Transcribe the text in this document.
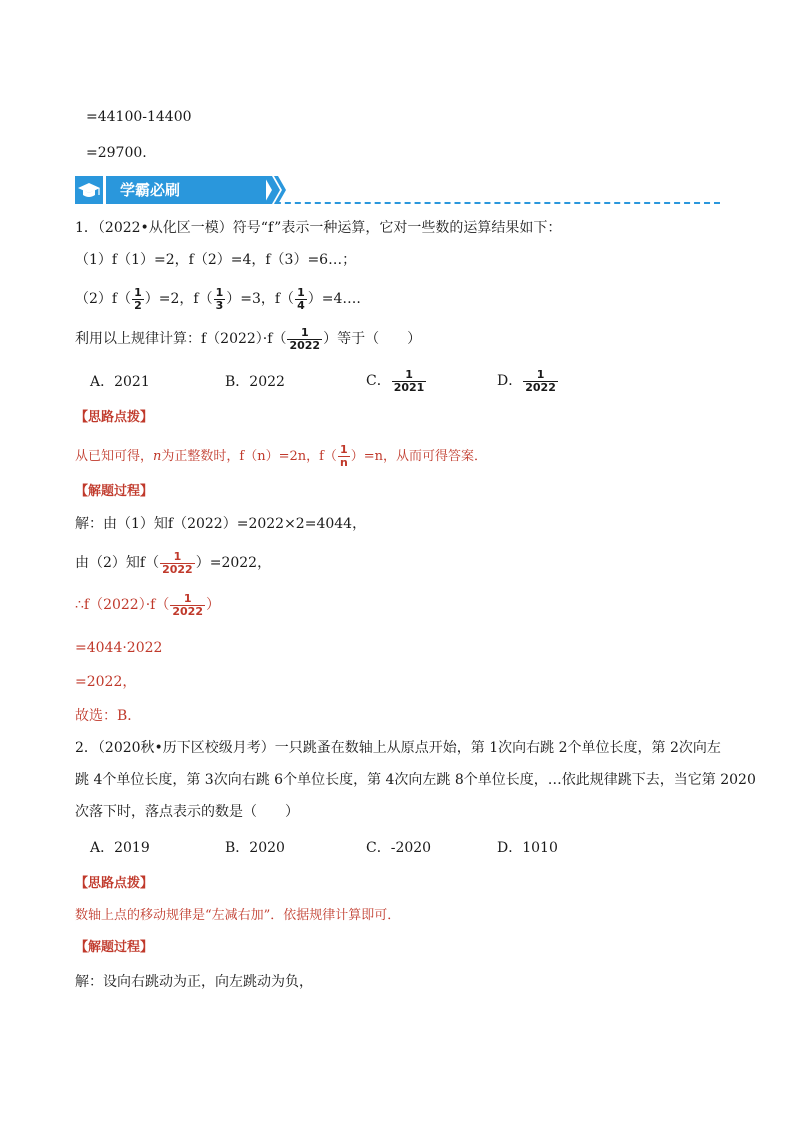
=44100-14400
=29700.
学霸必刷
1．（2022•从化区一模）符号“f”表示一种运算，它对一些数的运算结果如下：
（1）f（1）=2，f（2）=4，f（3）=6…；
$(2)f( \frac{1}{2} )=2$，$f( \frac{1}{3} )=3$，$f( \frac{1}{4}$ ）=4….
利用以上规律计算：$f(2022)\cdot f( \frac{1}{2022}$ ）等于（　　）
A．2021	B．2022	C． $\frac{1}{2021}$	D． $\frac{1}{2022}$
【思路点拨】
从已知可得，n为正整数时，f（n）=2n，$f( \frac{1}{n} )=n$，从而可得答案．
【解题过程】
解：由（1）知f（2022）=2022×2=4044，
由（2）知$f( \frac{1}{2022} )=2022$，
∴f（2022）·f（ $\frac{1}{2022}$ ）
=4044·2022
=2022，
故选：B．
2．（2020秋•历下区校级月考）一只跳蚤在数轴上从原点开始，第 1次向右跳 2个单位长度，第 2次向左
跳 4个单位长度，第 3次向右跳 6个单位长度，第 4次向左跳 8个单位长度，…依此规律跳下去，当它第 2020
次落下时，落点表示的数是（　　）
A．2019	B．2020	C．-2020	D．1010
【思路点拨】
数轴上点的移动规律是“左减右加”．依据规律计算即可．
【解题过程】
解：设向右跳动为正，向左跳动为负，
